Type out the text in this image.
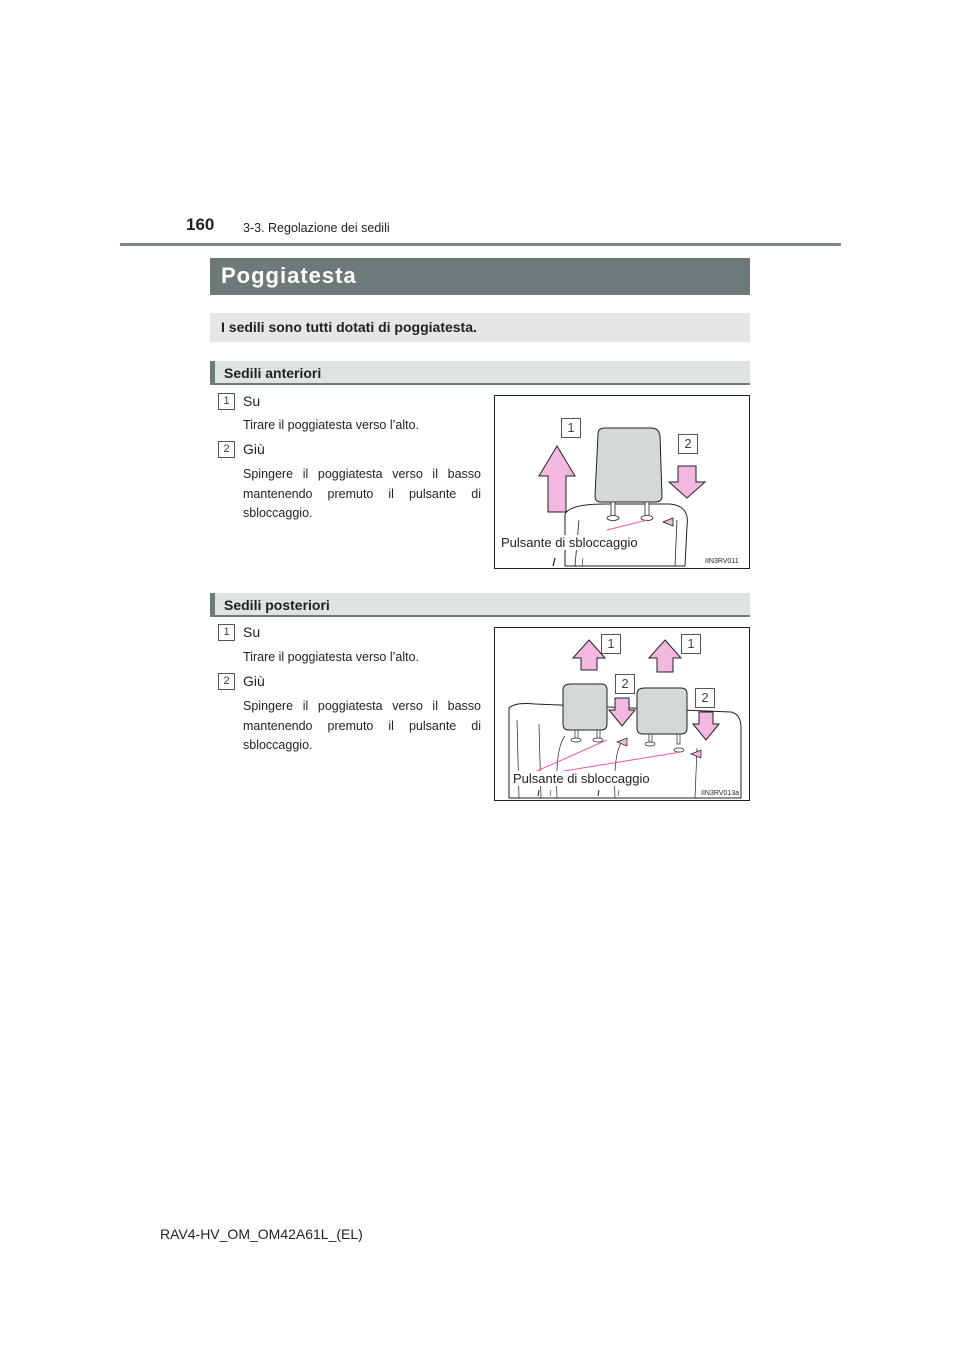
160 3-3. Regolazione dei sedili
Poggiatesta
I sedili sono tutti dotati di poggiatesta.
Sedili anteriori
1 Su
Tirare il poggiatesta verso l’alto.
2 Giù
Spingere il poggiatesta verso il basso mantenendo premuto il pulsante di sbloccaggio.
1
2
Pulsante di sbloccaggio
IIN3RV011
Sedili posteriori
1 Su
Tirare il poggiatesta verso l’alto.
2 Giù
Spingere il poggiatesta verso il basso mantenendo premuto il pulsante di sbloccaggio.
1	1
2
2
Pulsante di sbloccaggio
IIN3RV013a
RAV4-HV_OM_OM42A61L_(EL)
